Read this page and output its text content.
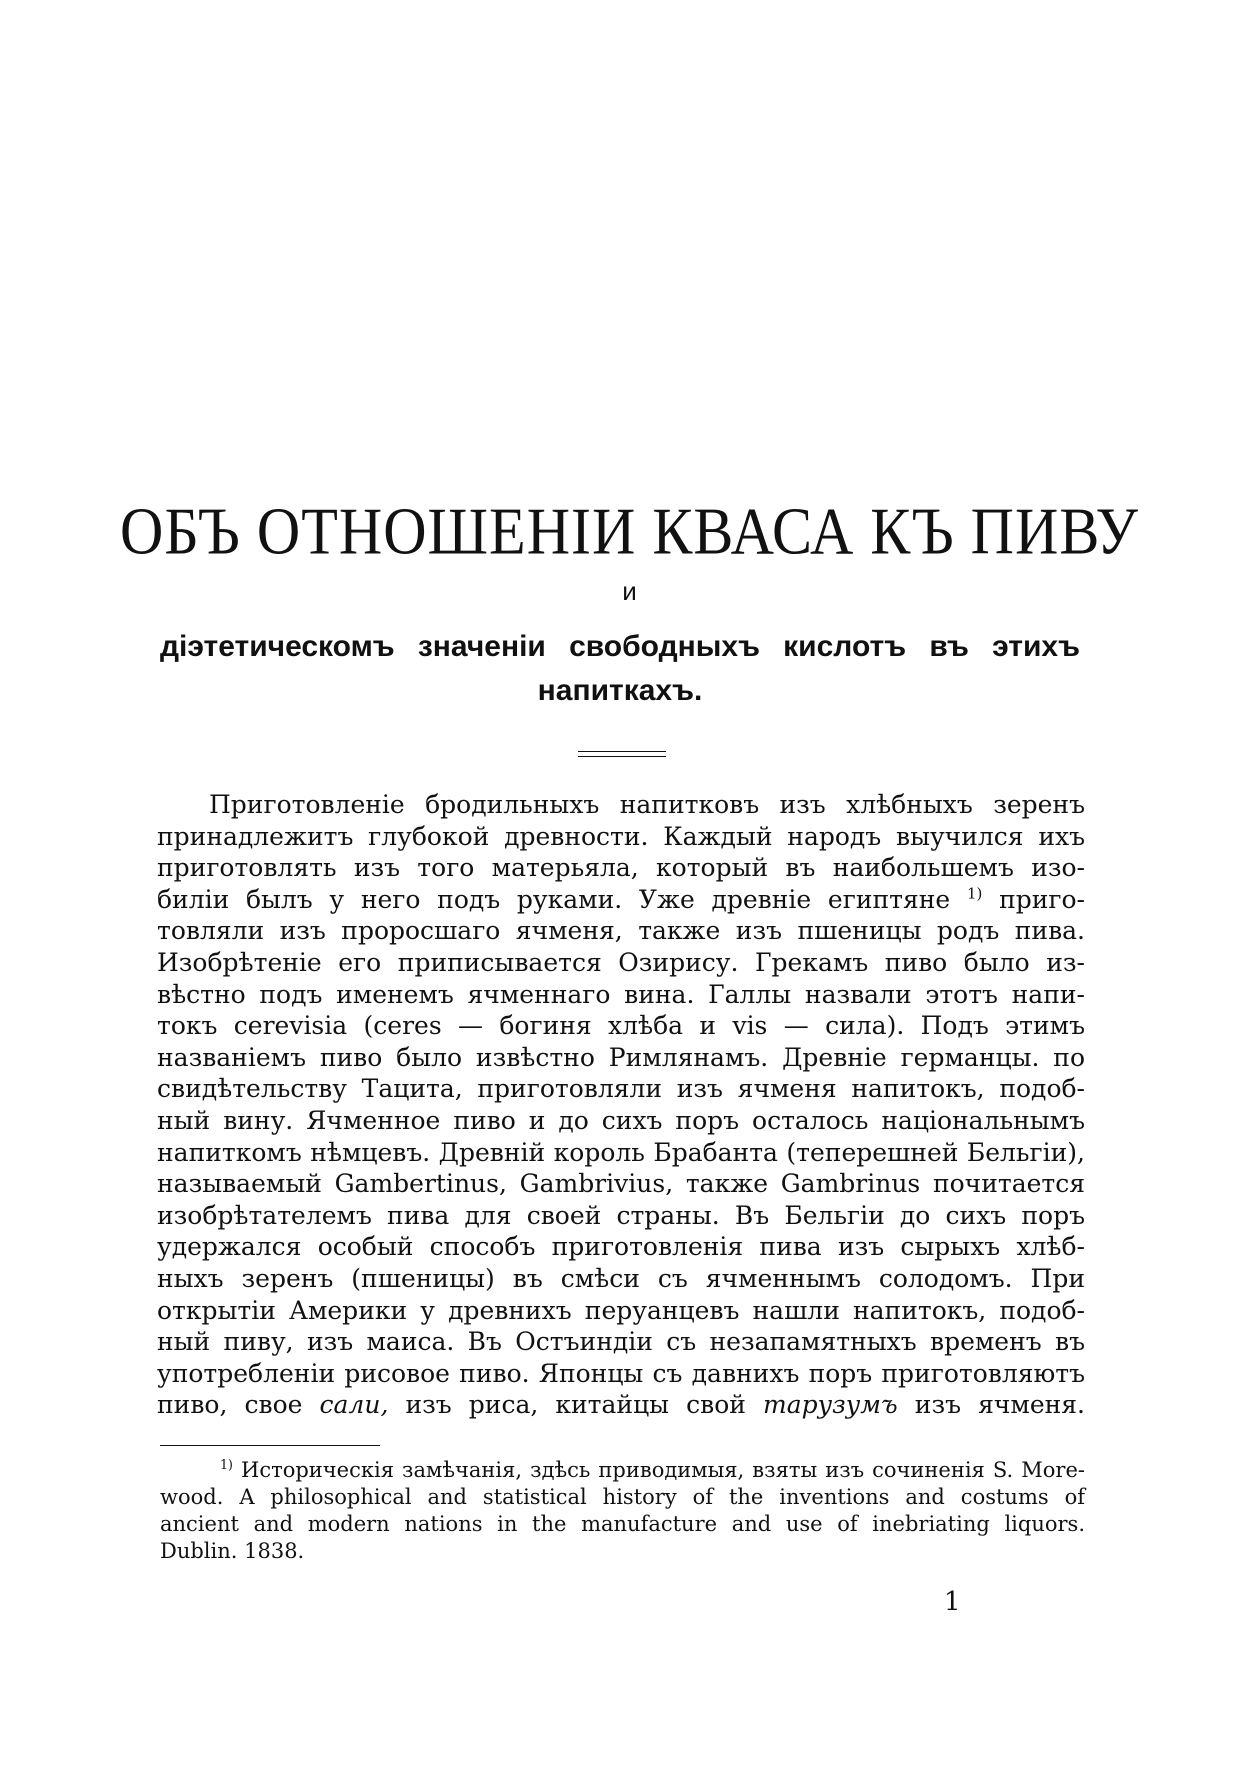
ОБЪ ОТНОШЕНІИ КВАСА КЪ ПИВУ
и
діэтетическомъ значеніи свободныхъ кислотъ въ этихъ
напиткахъ.
Приготовленіе бродильныхъ напитковъ изъ хлѣбныхъ зеренъ
принадлежитъ глубокой древности. Каждый народъ выучился ихъ
приготовлять изъ того матерьяла, который въ наибольшемъ изо-
биліи былъ у него подъ руками. Уже древніе египтяне $^{1)}$ приго-
товляли изъ проросшаго ячменя, также изъ пшеницы родъ пива.
Изобрѣтеніе его приписывается Озирису. Грекамъ пиво было из-
вѣстно подъ именемъ ячменнаго вина. Галлы назвали этотъ напи-
токъ cerevisia (ceres — богиня хлѣба и vis — сила). Подъ этимъ
названіемъ пиво было извѣстно Римлянамъ. Древніе германцы. по
свидѣтельству Тацита, приготовляли изъ ячменя напитокъ, подоб-
ный вину. Ячменное пиво и до сихъ поръ осталось національнымъ
напиткомъ нѣмцевъ. Древній король Брабанта (теперешней Бельгіи),
называемый Gambertinus, Gambrivius, также Gambrinus почитается
изобрѣтателемъ пива для своей страны. Въ Бельгіи до сихъ поръ
удержался особый способъ приготовленія пива изъ сырыхъ хлѣб-
ныхъ зеренъ (пшеницы) въ смѣси съ ячменнымъ солодомъ. При
открытіи Америки у древнихъ перуанцевъ нашли напитокъ, подоб-
ный пиву, изъ маиса. Въ Остъиндіи съ незапамятныхъ временъ въ
употребленіи рисовое пиво. Японцы съ давнихъ поръ приготовляютъ
пиво, свое сали, изъ риса, китайцы свой тарузумъ изъ ячменя.
$^{1)}$ Историческія замѣчанія, здѣсь приводимыя, взяты изъ сочиненія S. More-
wood. A philosophical and statistical history of the inventions and costums of
ancient and modern nations in the manufacture and use of inebriating liquors.
Dublin. 1838.
1
